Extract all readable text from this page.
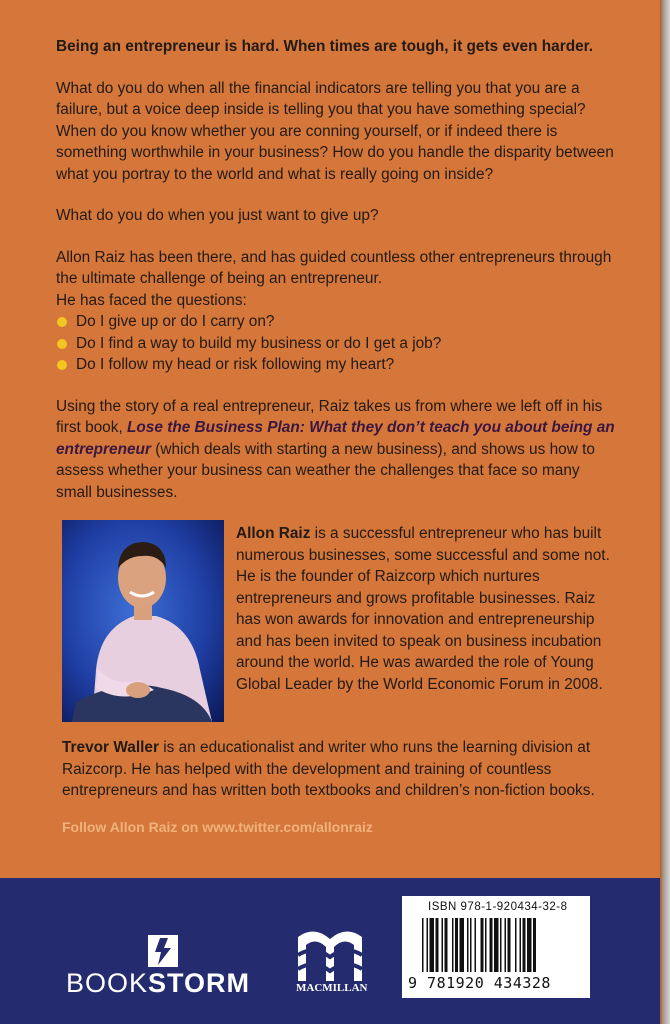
Being an entrepreneur is hard. When times are tough, it gets even harder.

What do you do when all the financial indicators are telling you that you are a failure, but a voice deep inside is telling you that you have something special? When do you know whether you are conning yourself, or if indeed there is something worthwhile in your business? How do you handle the disparity between what you portray to the world and what is really going on inside?

What do you do when you just want to give up?

Allon Raiz has been there, and has guided countless other entrepreneurs through the ultimate challenge of being an entrepreneur.

He has faced the questions:

Do I give up or do I carry on?
Do I find a way to build my business or do I get a job?
Do I follow my head or risk following my heart?

Using the story of a real entrepreneur, Raiz takes us from where we left off in his first book, Lose the Business Plan: What they don’t teach you about being an entrepreneur (which deals with starting a new business), and shows us how to assess whether your business can weather the challenges that face so many small businesses.

Allon Raiz is a successful entrepreneur who has built numerous businesses, some successful and some not. He is the founder of Raizcorp which nurtures entrepreneurs and grows profitable businesses. Raiz has won awards for innovation and entrepreneurship and has been invited to speak on business incubation around the world. He was awarded the role of Young Global Leader by the World Economic Forum in 2008.
Trevor Waller is an educationalist and writer who runs the learning division at Raizcorp. He has helped with the development and training of countless entrepreneurs and has written both textbooks and children’s non-fiction books.
Follow Allon Raiz on www.twitter.com/allonraiz
BOOKSTORM	MACMILLAN
ISBN 978-1-920434-32-8
9 781920 434328
